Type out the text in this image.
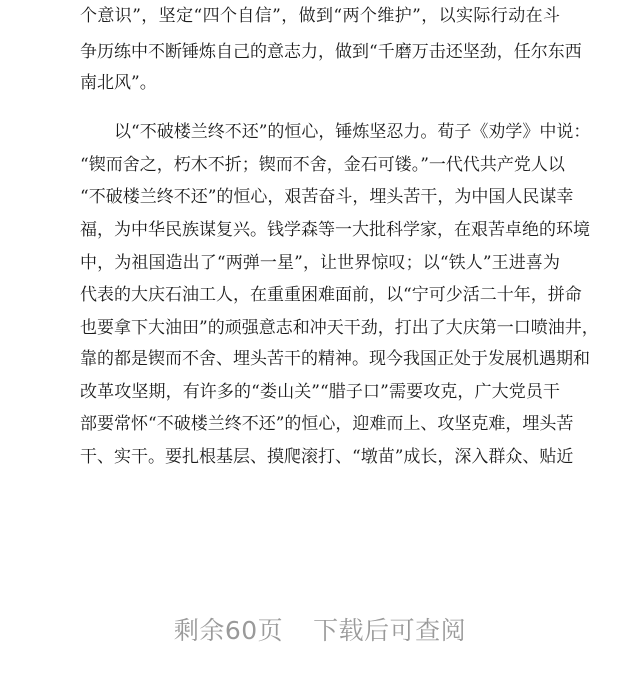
个意识”，坚定“四个自信”，做到“两个维护”，以实际行动在斗
争历练中不断锤炼自己的意志力，做到“千磨万击还坚劲，任尔东西
南北风”。
以“不破楼兰终不还”的恒心，锤炼坚忍力。荀子《劝学》中说：
“锲而舍之，朽木不折；锲而不舍，金石可镂。”一代代共产党人以
“不破楼兰终不还”的恒心，艰苦奋斗，埋头苦干，为中国人民谋幸
福，为中华民族谋复兴。钱学森等一大批科学家，在艰苦卓绝的环境
中，为祖国造出了“两弹一星”，让世界惊叹；以“铁人”王进喜为
代表的大庆石油工人，在重重困难面前，以“宁可少活二十年，拼命
也要拿下大油田”的顽强意志和冲天干劲，打出了大庆第一口喷油井，
靠的都是锲而不舍、埋头苦干的精神。现今我国正处于发展机遇期和
改革攻坚期，有许多的“娄山关”“腊子口”需要攻克，广大党员干
部要常怀“不破楼兰终不还”的恒心，迎难而上、攻坚克难，埋头苦
干、实干。要扎根基层、摸爬滚打、“墩苗”成长，深入群众、贴近
剩余60页 下载后可查阅
